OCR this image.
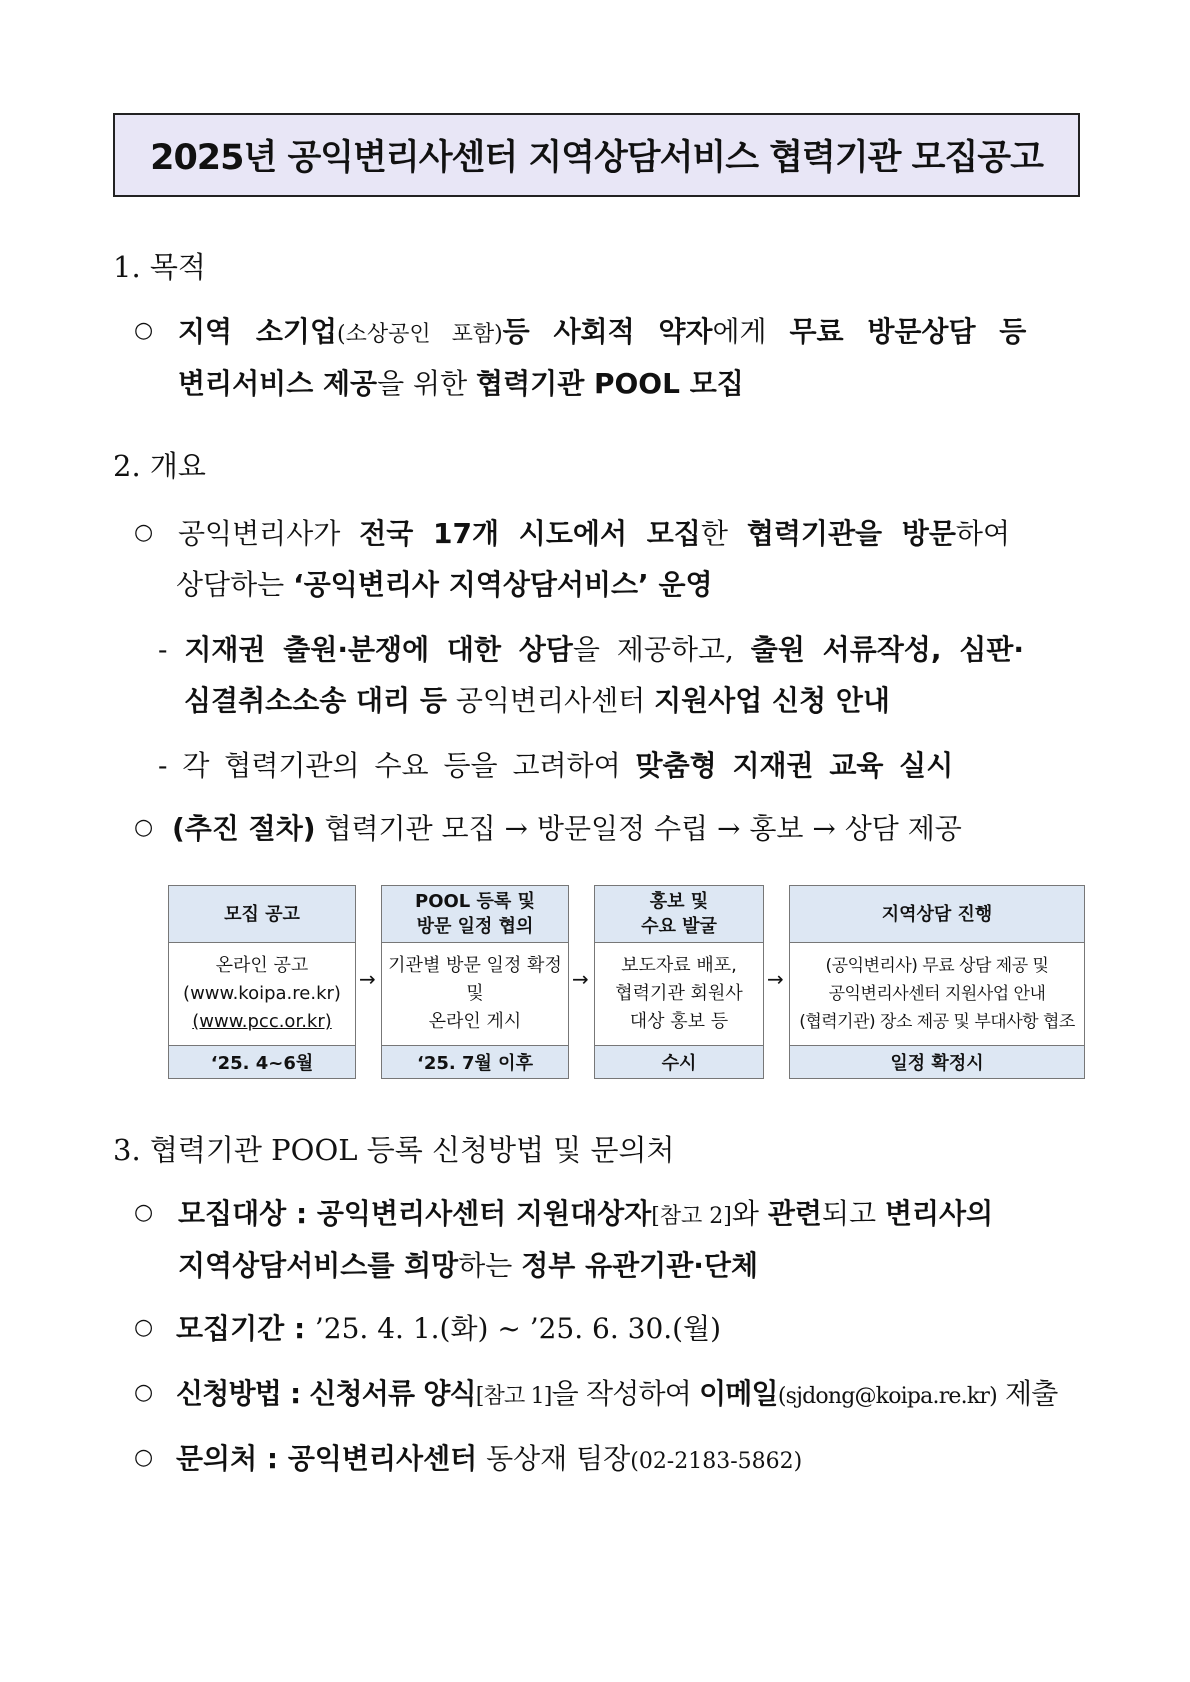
2025년 공익변리사센터 지역상담서비스 협력기관 모집공고
1. 목적
○ 지역 소기업(소상공인 포함)등 사회적 약자에게 무료 방문상담 등
변리서비스 제공을 위한 협력기관 POOL 모집
2. 개요
○ 공익변리사가 전국 17개 시도에서 모집한 협력기관을 방문하여
상담하는 ‘공익변리사 지역상담서비스’ 운영
- 지재권 출원·분쟁에 대한 상담을 제공하고, 출원 서류작성, 심판·
심결취소소송 대리 등 공익변리사센터 지원사업 신청 안내
- 각 협력기관의 수요 등을 고려하여 맞춤형 지재권 교육 실시
○ (추진 절차) 협력기관 모집 → 방문일정 수립 → 홍보 → 상담 제공
모집 공고
온라인 공고
(www.koipa.re.kr)
(www.pcc.or.kr)
‘25. 4~6월
→
POOL 등록 및
방문 일정 협의
기관별 방문 일정 확정
및
온라인 게시
‘25. 7월 이후
→
홍보 및
수요 발굴
보도자료 배포,
협력기관 회원사
대상 홍보 등
수시
→
지역상담 진행
(공익변리사) 무료 상담 제공 및
공익변리사센터 지원사업 안내
(협력기관) 장소 제공 및 부대사항 협조
일정 확정시
3. 협력기관 POOL 등록 신청방법 및 문의처
○ 모집대상 : 공익변리사센터 지원대상자[참고 2]와 관련되고 변리사의
지역상담서비스를 희망하는 정부 유관기관·단체
○ 모집기간 : ’25. 4. 1.(화) ~ ’25. 6. 30.(월)
○ 신청방법 : 신청서류 양식[참고 1]을 작성하여 이메일(sjdong@koipa.re.kr) 제출
○ 문의처 : 공익변리사센터 동상재 팀장(02-2183-5862)
